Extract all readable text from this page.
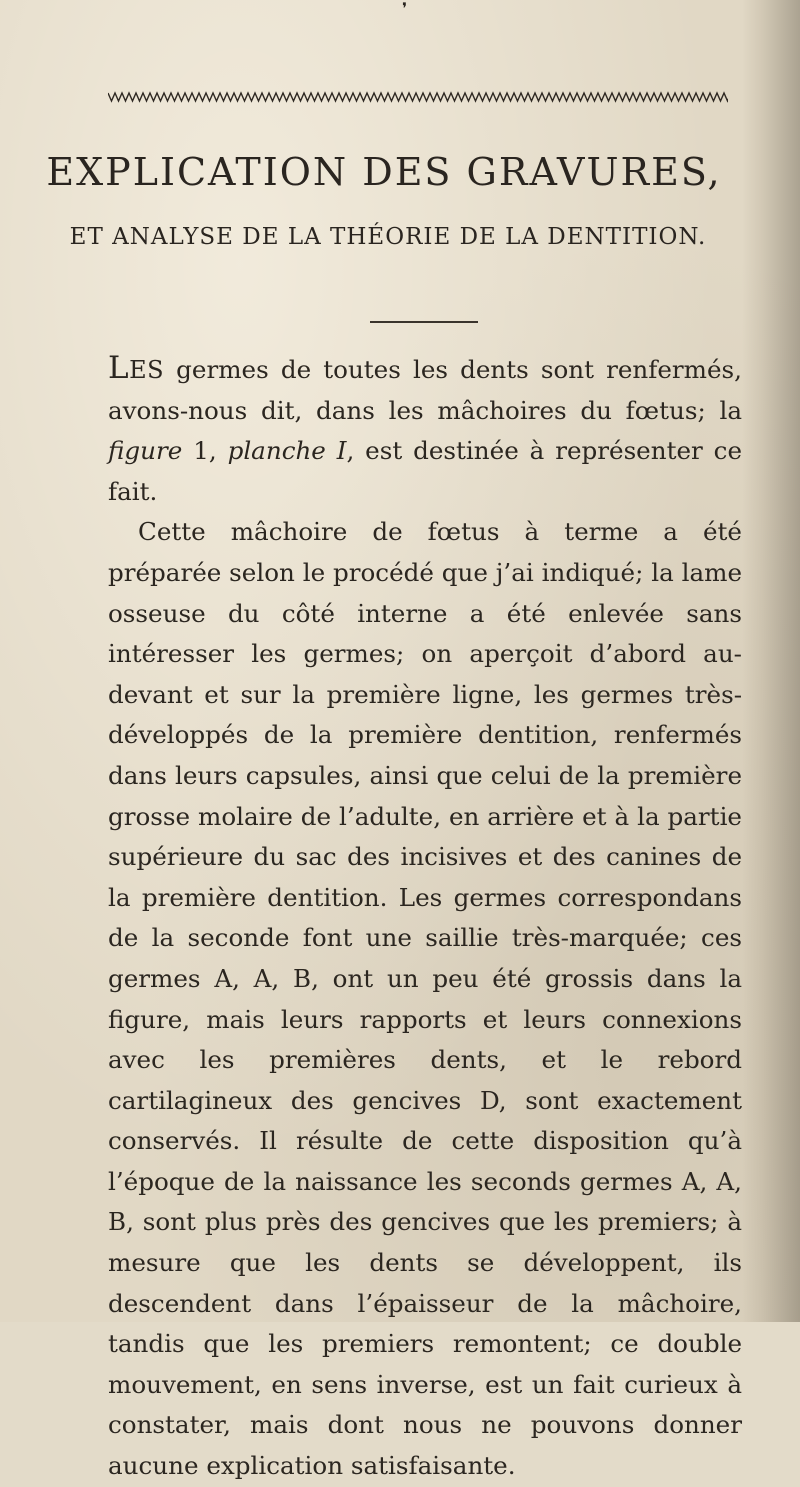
❜
EXPLICATION DES GRAVURES,
ET ANALYSE DE LA THÉORIE DE LA DENTITION.

LES germes de toutes les dents sont renfermés, avons-nous dit, dans les mâchoires du fœtus; la figure 1, planche I, est destinée à représenter ce fait.

Cette mâchoire de fœtus à terme a été préparée selon le procédé que j’ai indiqué; la lame osseuse du côté interne a été enlevée sans intéresser les germes; on aperçoit d’abord au-devant et sur la première ligne, les germes très-développés de la première dentition, renfermés dans leurs capsules, ainsi que celui de la première grosse molaire de l’adulte, en arrière et à la partie supérieure du sac des incisives et des canines de la première dentition. Les germes correspondans de la seconde font une saillie très-marquée; ces germes A, A, B, ont un peu été grossis dans la figure, mais leurs rapports et leurs connexions avec les premières dents, et le rebord cartilagineux des gencives D, sont exactement conservés. Il résulte de cette disposition qu’à l’époque de la naissance les seconds germes A, A, B, sont plus près des gencives que les premiers; à mesure que les dents se développent, ils descendent dans l’épaisseur de la mâchoire, tandis que les premiers remontent; ce double mouvement, en sens inverse, est un fait curieux à constater, mais dont nous ne pouvons donner aucune explication satisfaisante.
